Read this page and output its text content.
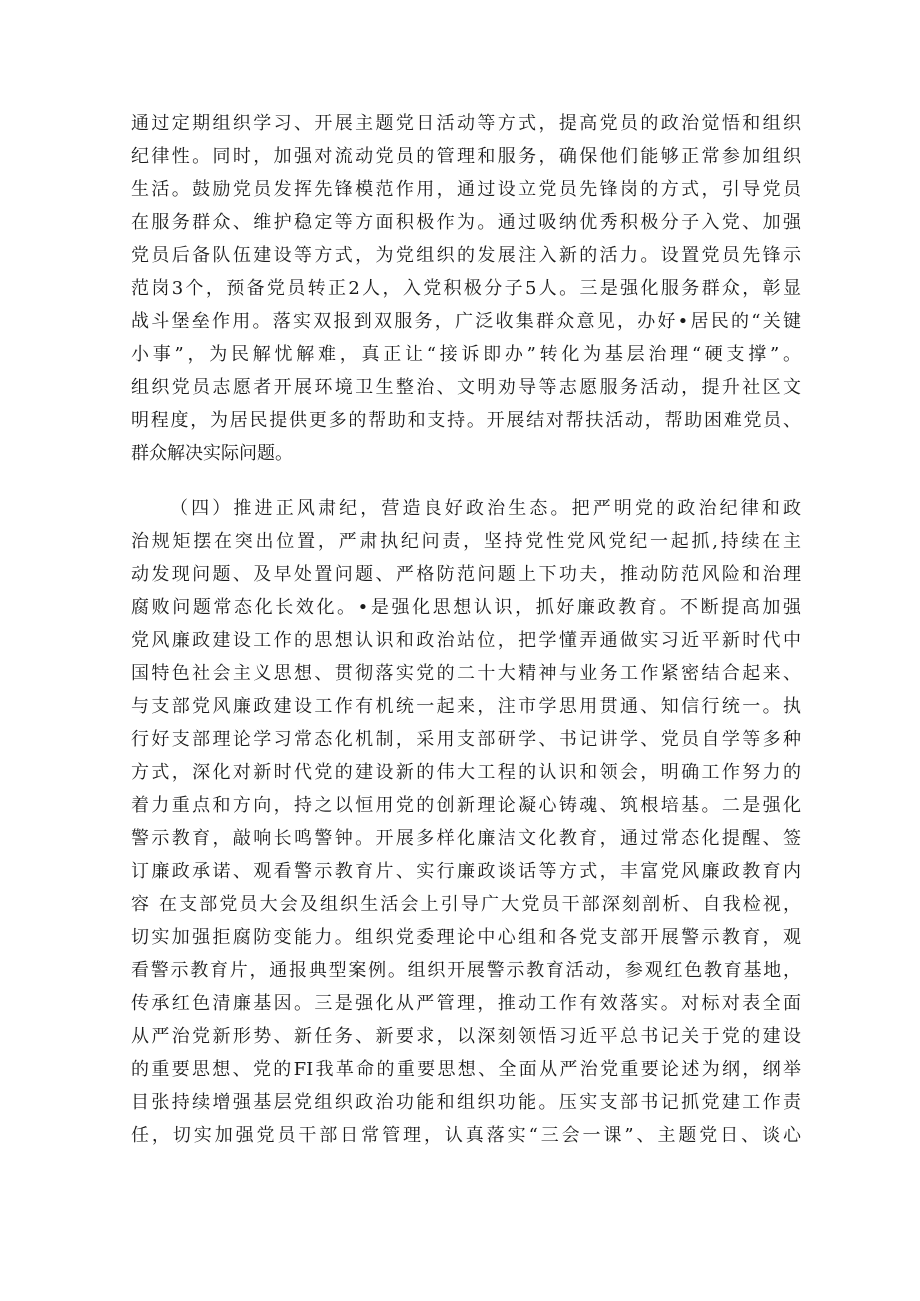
通过定期组织学习、开展主题党日活动等方式，提高党员的政治觉悟和组织
纪律性。同时，加强对流动党员的管理和服务，确保他们能够正常参加组织
生活。鼓励党员发挥先锋模范作用，通过设立党员先锋岗的方式，引导党员
在服务群众、维护稳定等方面积极作为。通过吸纳优秀积极分子入党、加强
党员后备队伍建设等方式，为党组织的发展注入新的活力。设置党员先锋示
范岗3个，预备党员转正2人，入党积极分子5人。三是强化服务群众，彰显
战斗堡垒作用。落实双报到双服务，广泛收集群众意见，办好•居民的“关键
小事”，为民解忧解难，真正让“接诉即办”转化为基层治理“硬支撑”。
组织党员志愿者开展环境卫生整治、文明劝导等志愿服务活动，提升社区文
明程度，为居民提供更多的帮助和支持。开展结对帮扶活动，帮助困难党员、
群众解决实际问题。
（四）推进正风肃纪，营造良好政治生态。把严明党的政治纪律和政
治规矩摆在突出位置，严肃执纪问责，坚持党性党风党纪一起抓,持续在主
动发现问题、及早处置问题、严格防范问题上下功夫，推动防范风险和治理
腐败问题常态化长效化。•是强化思想认识，抓好廉政教育。不断提高加强
党风廉政建设工作的思想认识和政治站位，把学懂弄通做实习近平新时代中
国特色社会主义思想、贯彻落实党的二十大精神与业务工作紧密结合起来、
与支部党风廉政建设工作有机统一起来，注市学思用贯通、知信行统一。执
行好支部理论学习常态化机制，采用支部研学、书记讲学、党员自学等多种
方式，深化对新时代党的建设新的伟大工程的认识和领会，明确工作努力的
着力重点和方向，持之以恒用党的创新理论凝心铸魂、筑根培基。二是强化
警示教育，敲响长鸣警钟。开展多样化廉洁文化教育，通过常态化提醒、签
订廉政承诺、观看警示教育片、实行廉政谈话等方式，丰富党风廉政教育内
容 在支部党员大会及组织生活会上引导广大党员干部深刻剖析、自我检视，
切实加强拒腐防变能力。组织党委理论中心组和各党支部开展警示教育，观
看警示教育片，通报典型案例。组织开展警示教育活动，参观红色教育基地，
传承红色清廉基因。三是强化从严管理，推动工作有效落实。对标对表全面
从严治党新形势、新任务、新要求，以深刻领悟习近平总书记关于党的建设
的重要思想、党的FI我革命的重要思想、全面从严治党重要论述为纲，纲举
目张持续增强基层党组织政治功能和组织功能。压实支部书记抓党建工作责
任，切实加强党员干部日常管理，认真落实“三会一课”、主题党日、谈心
